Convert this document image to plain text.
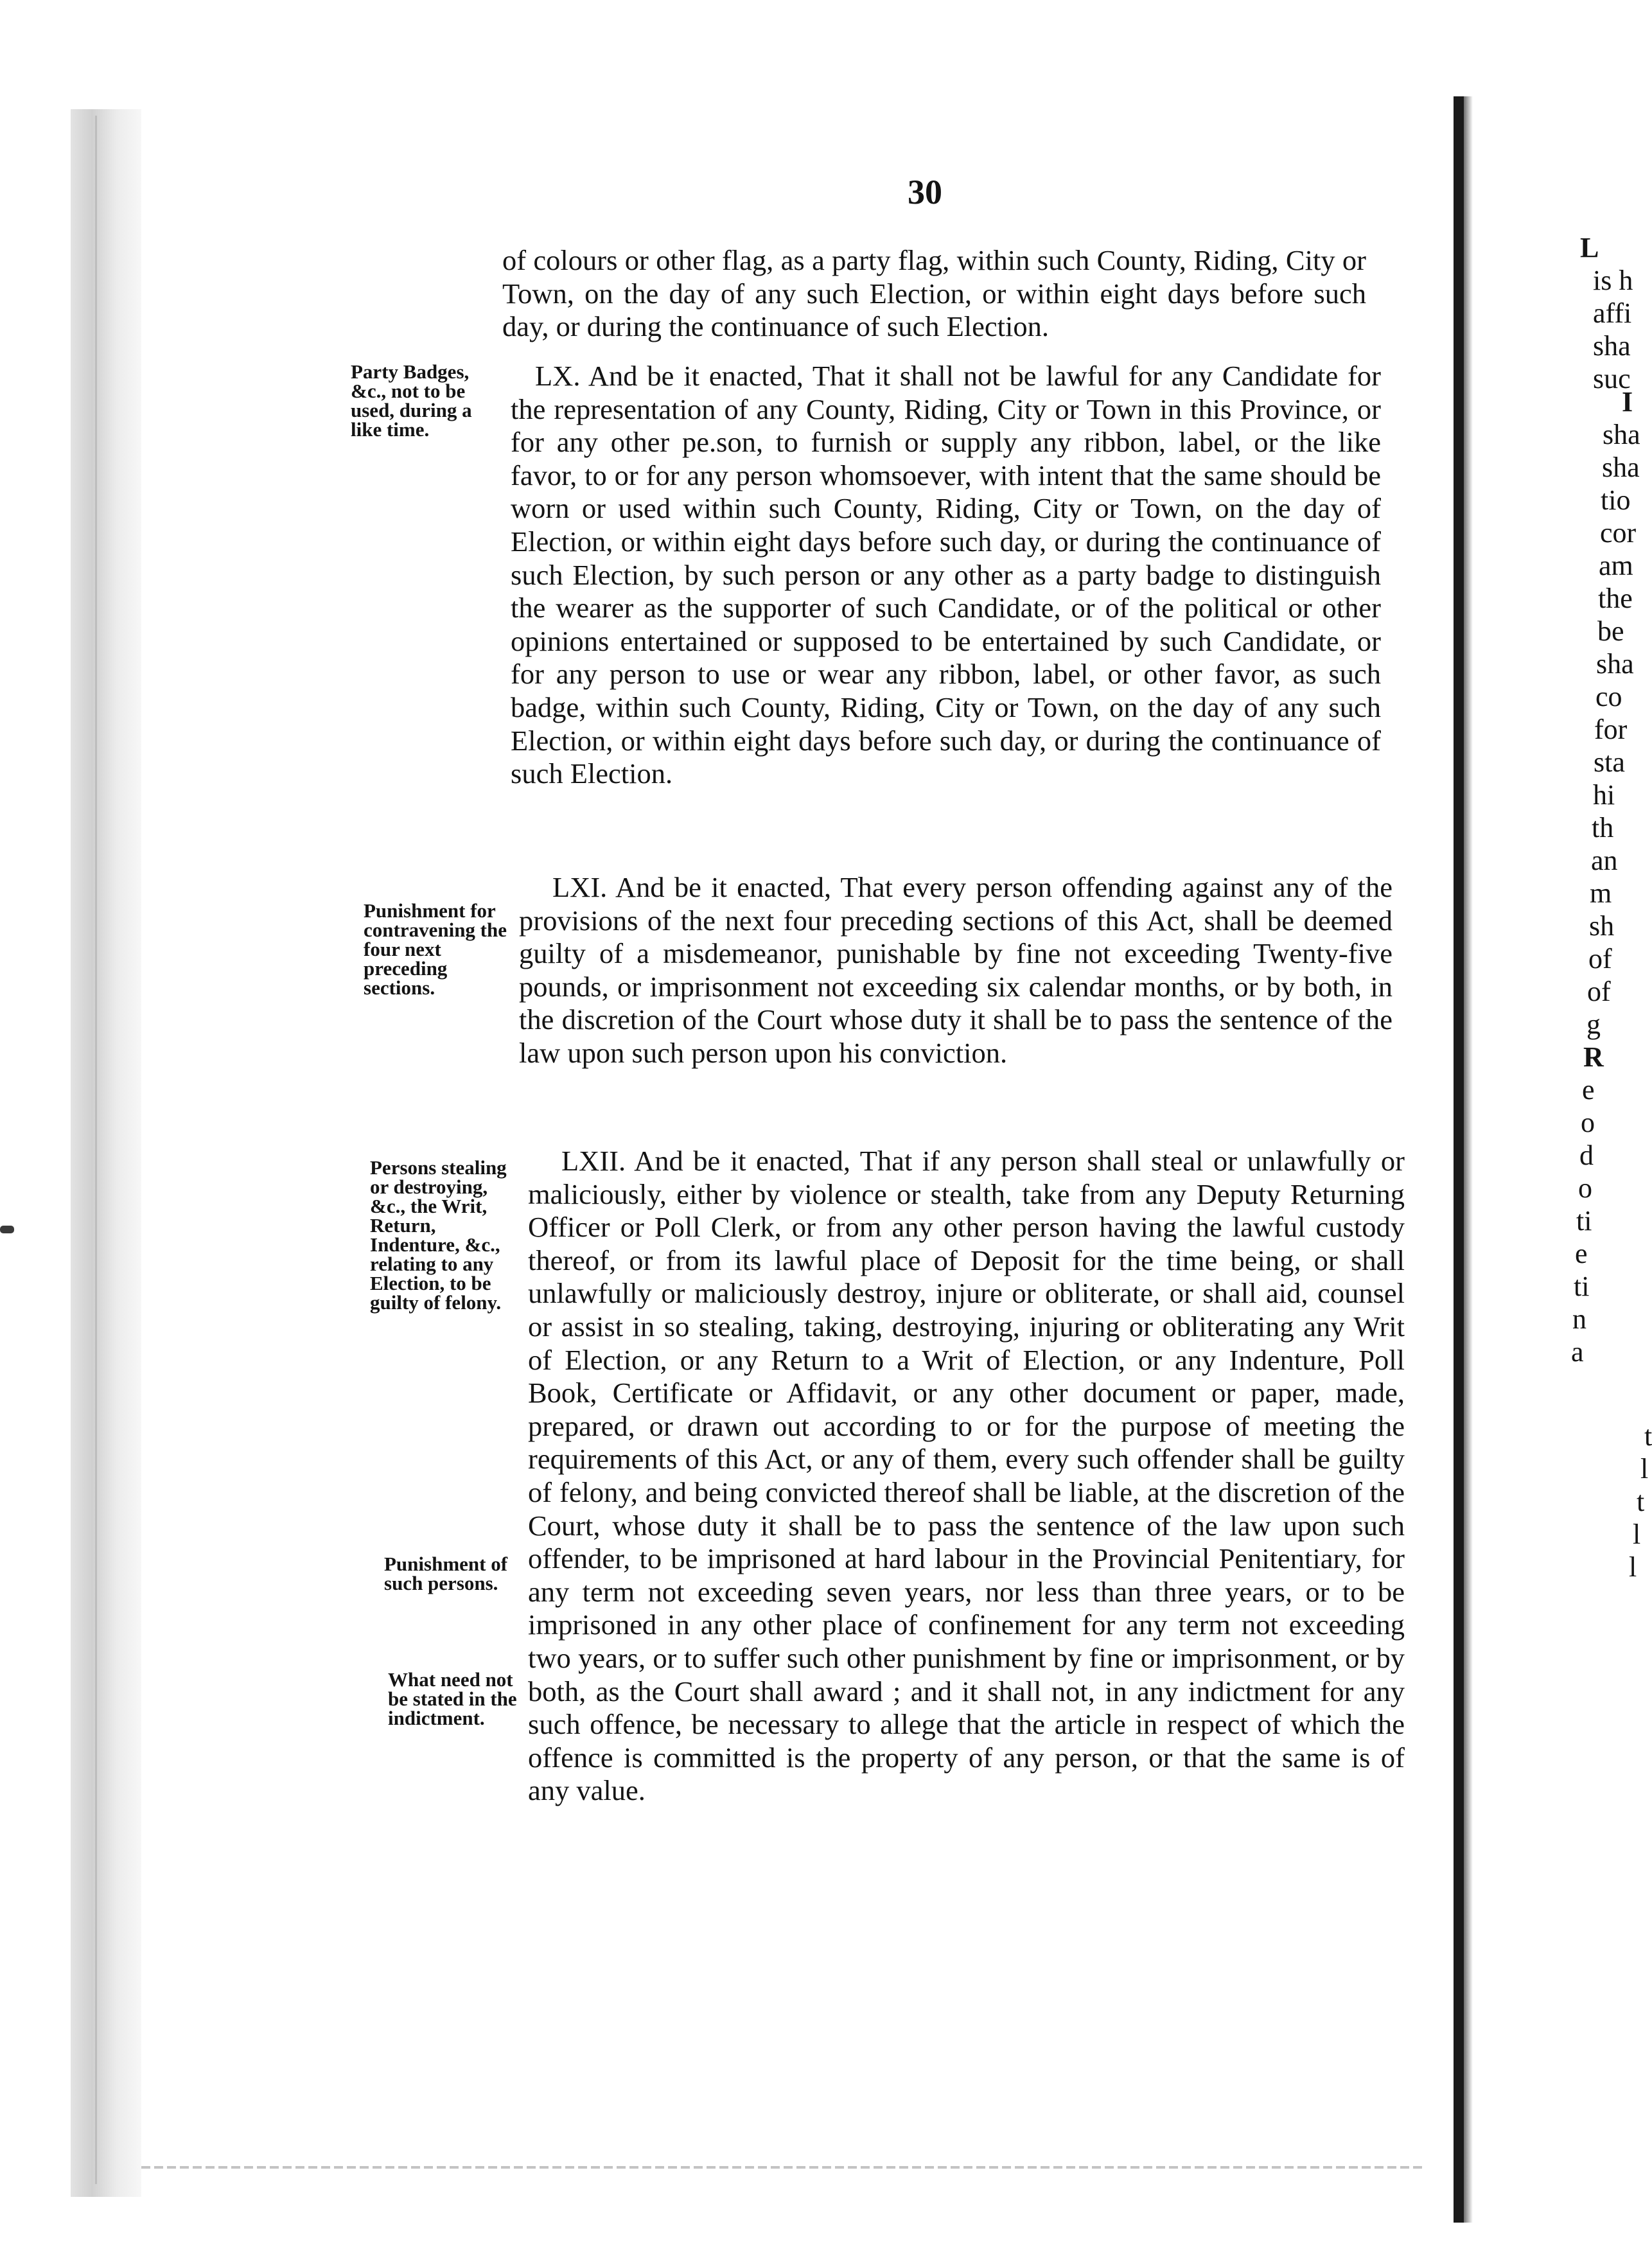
30
of colours or other flag, as a party flag, within such County, Riding, City or Town, on the day of any such Election, or within eight days before such day, or during the continuance of such Election.
Party Badges, &c., not to be used, during a like time.
LX. And be it enacted, That it shall not be lawful for any Candidate for the representation of any County, Riding, City or Town in this Province, or for any other pe.son, to furnish or supply any ribbon, label, or the like favor, to or for any person whomsoever, with intent that the same should be worn or used within such County, Riding, City or Town, on the day of Election, or within eight days before such day, or during the continuance of such Election, by such person or any other as a party badge to distinguish the wearer as the supporter of such Candidate, or of the political or other opinions entertained or supposed to be entertained by such Candidate, or for any person to use or wear any ribbon, label, or other favor, as such badge, within such County, Riding, City or Town, on the day of any such Election, or within eight days before such day, or during the continuance of such Election.
Punishment for contravening the four next preceding sections.
LXI. And be it enacted, That every person offending against any of the provisions of the next four preceding sections of this Act, shall be deemed guilty of a misdemeanor, punishable by fine not exceeding Twenty-five pounds, or imprisonment not exceeding six calendar months, or by both, in the discretion of the Court whose duty it shall be to pass the sentence of the law upon such person upon his conviction.
Persons stealing or destroying, &c., the Writ, Return, Indenture, &c., relating to any Election, to be guilty of felony.
LXII. And be it enacted, That if any person shall steal or unlawfully or maliciously, either by violence or stealth, take from any Deputy Returning Officer or Poll Clerk, or from any other person having the lawful custody thereof, or from its lawful place of Deposit for the time being, or shall unlawfully or maliciously destroy, injure or obliterate, or shall aid, counsel or assist in so stealing, taking, destroying, injuring or obliterating any Writ of Election, or any Return to a Writ of Election, or any Indenture, Poll Book, Certificate or Affidavit, or any other document or paper, made, prepared, or drawn out according to or for the purpose of meeting the requirements of this Act, or any of them, every such offender shall be guilty of felony, and being convicted thereof shall be liable, at the discretion of the Court, whose duty it shall be to pass the sentence of the law upon such offender, to be imprisoned at hard labour in the Provincial Penitentiary, for any term not exceeding seven years, nor less than three years, or to be imprisoned in any other place of confinement for any term not exceeding two years, or to suffer such other punishment by fine or imprisonment, or by both, as the Court shall award ; and it shall not, in any indictment for any such offence, be necessary to allege that the article in respect of which the offence is committed is the property of any person, or that the same is of any value.
Punishment of such persons.
What need not be stated in the indictment.
L
is h
affi
sha
suc
I
sha
sha
tio
cor
am
the
be
sha
co
for
sta
hi
th
an
m
sh
of
of
g
R
e
o
d
o
ti
e
ti
n
a
t
l
t
l
l
